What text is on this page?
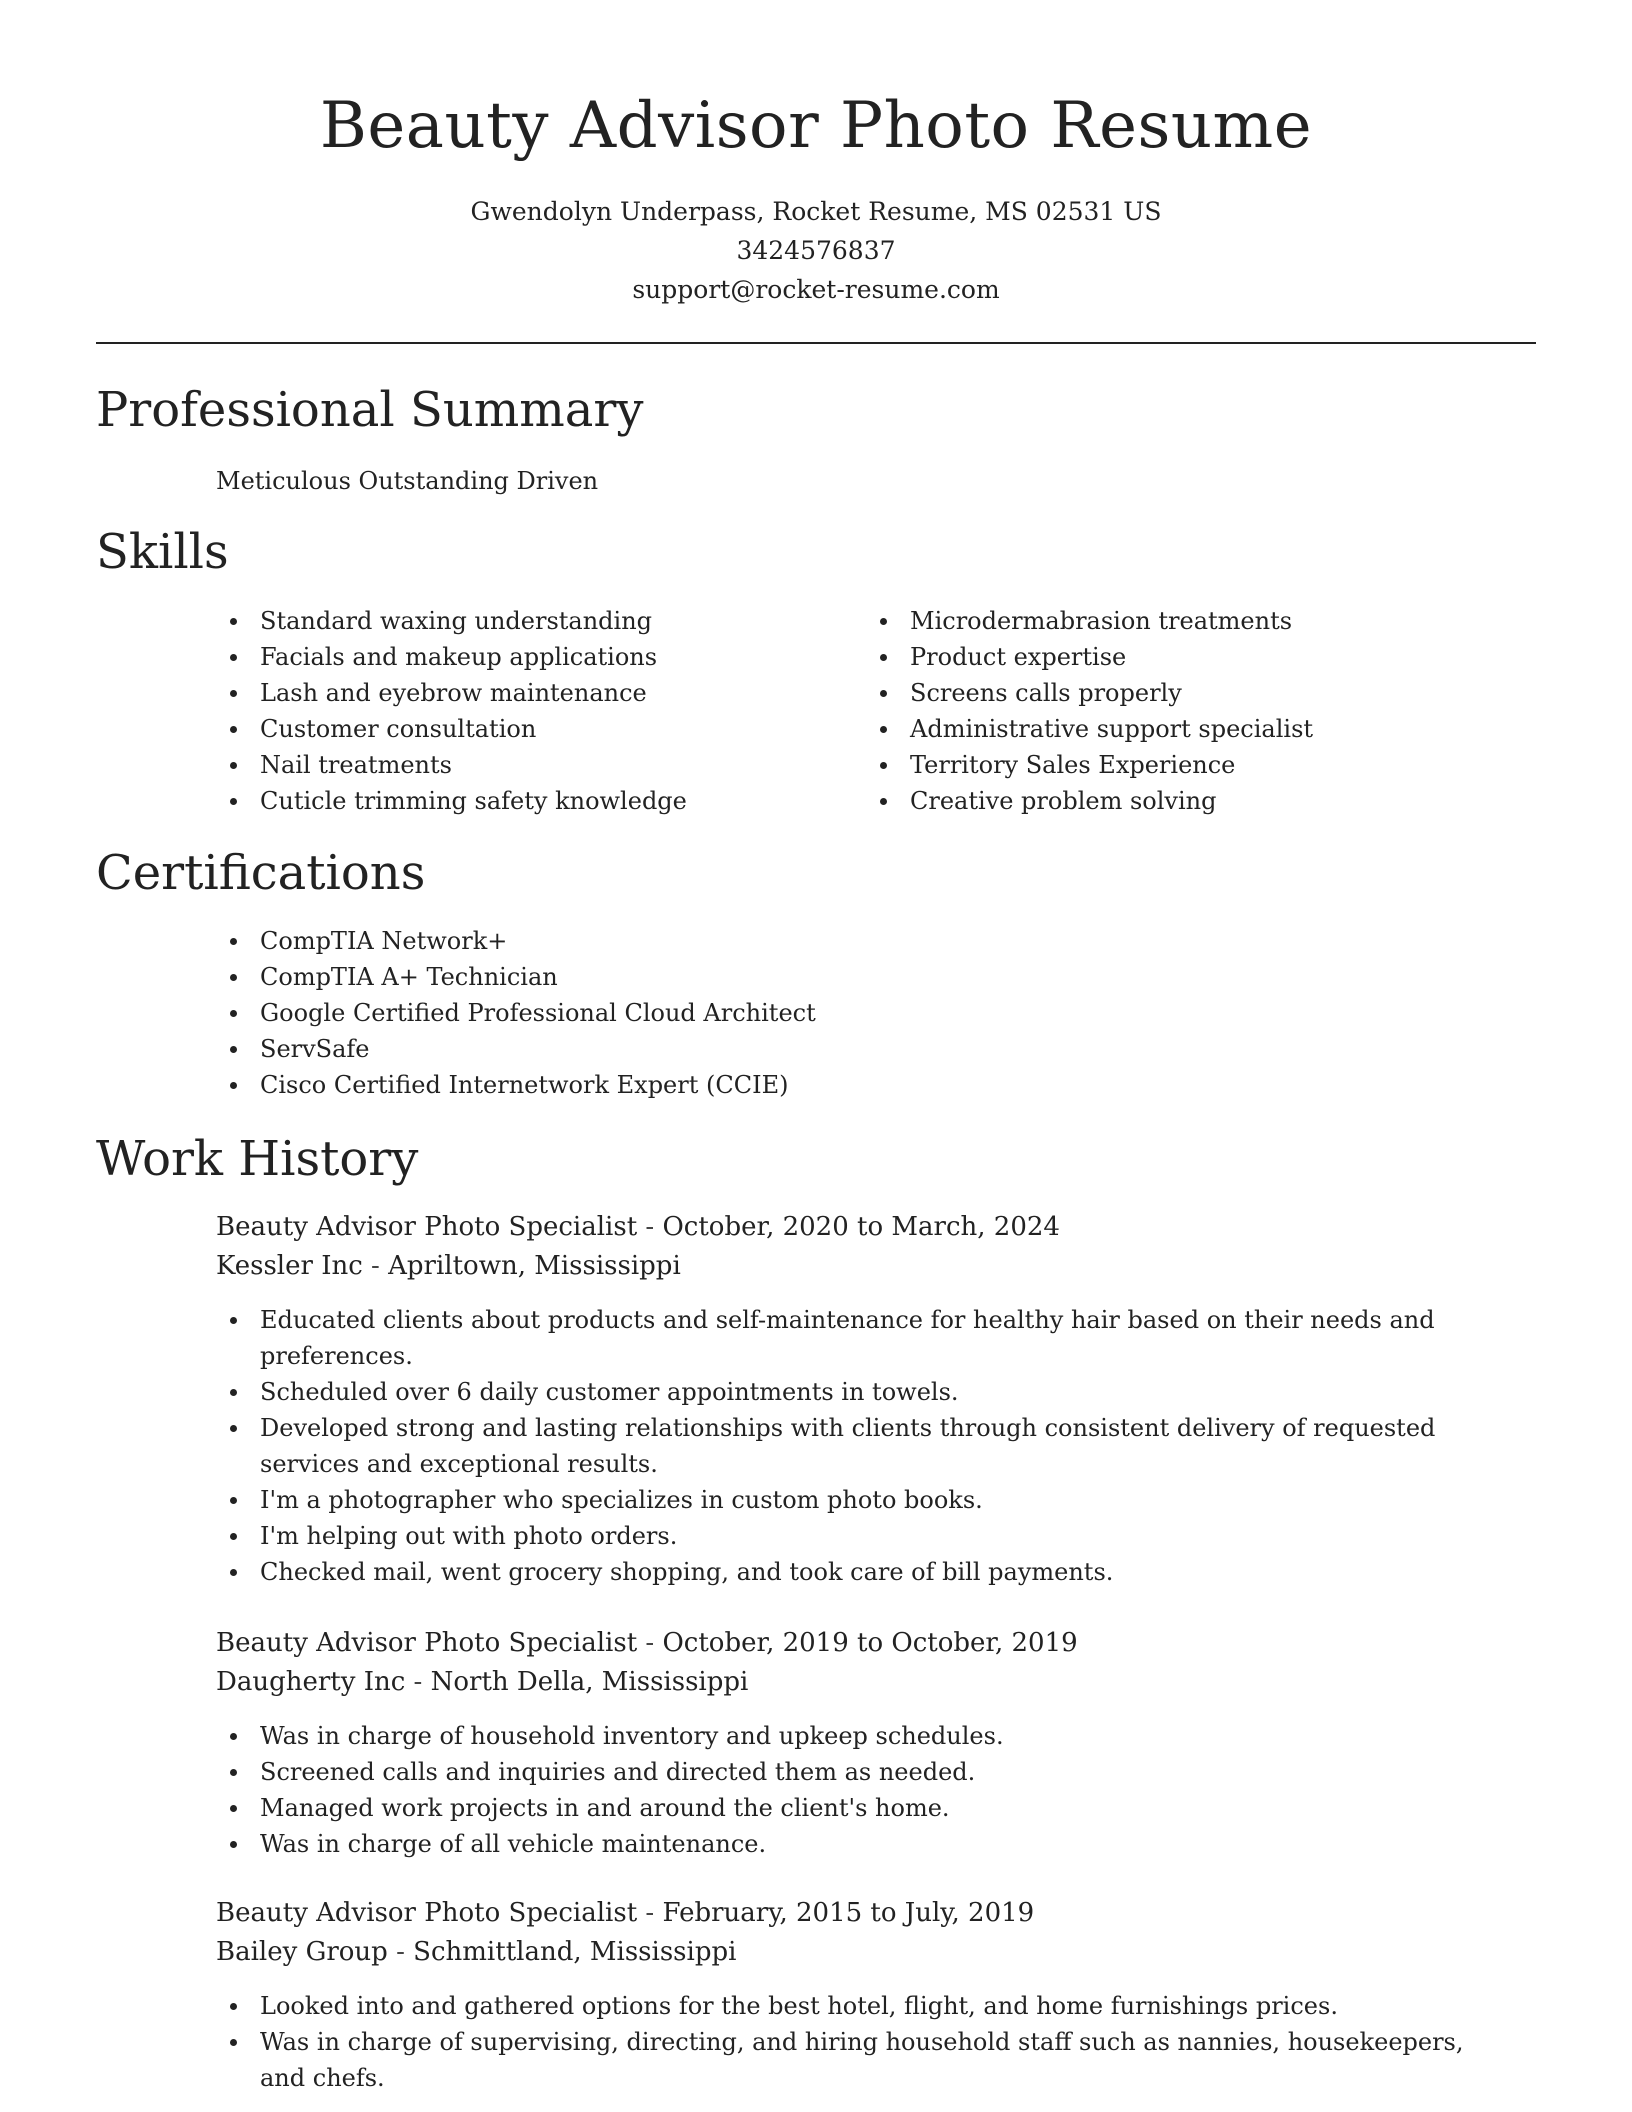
Beauty Advisor Photo Resume
Gwendolyn Underpass, Rocket Resume, MS 02531 US
3424576837
support@rocket-resume.com
Professional Summary
Meticulous Outstanding Driven
Skills
Standard waxing understanding
Facials and makeup applications
Lash and eyebrow maintenance
Customer consultation
Nail treatments
Cuticle trimming safety knowledge
Microdermabrasion treatments
Product expertise
Screens calls properly
Administrative support specialist
Territory Sales Experience
Creative problem solving
Certifications
CompTIA Network+
CompTIA A+ Technician
Google Certified Professional Cloud Architect
ServSafe
Cisco Certified Internetwork Expert (CCIE)
Work History
Beauty Advisor Photo Specialist - October, 2020 to March, 2024
Kessler Inc - Apriltown, Mississippi
Educated clients about products and self-maintenance for healthy hair based on their needs and preferences.
Scheduled over 6 daily customer appointments in towels.
Developed strong and lasting relationships with clients through consistent delivery of requested services and exceptional results.
I'm a photographer who specializes in custom photo books.
I'm helping out with photo orders.
Checked mail, went grocery shopping, and took care of bill payments.
Beauty Advisor Photo Specialist - October, 2019 to October, 2019
Daugherty Inc - North Della, Mississippi
Was in charge of household inventory and upkeep schedules.
Screened calls and inquiries and directed them as needed.
Managed work projects in and around the client's home.
Was in charge of all vehicle maintenance.
Beauty Advisor Photo Specialist - February, 2015 to July, 2019
Bailey Group - Schmittland, Mississippi
Looked into and gathered options for the best hotel, flight, and home furnishings prices.
Was in charge of supervising, directing, and hiring household staff such as nannies, housekeepers, and chefs.
